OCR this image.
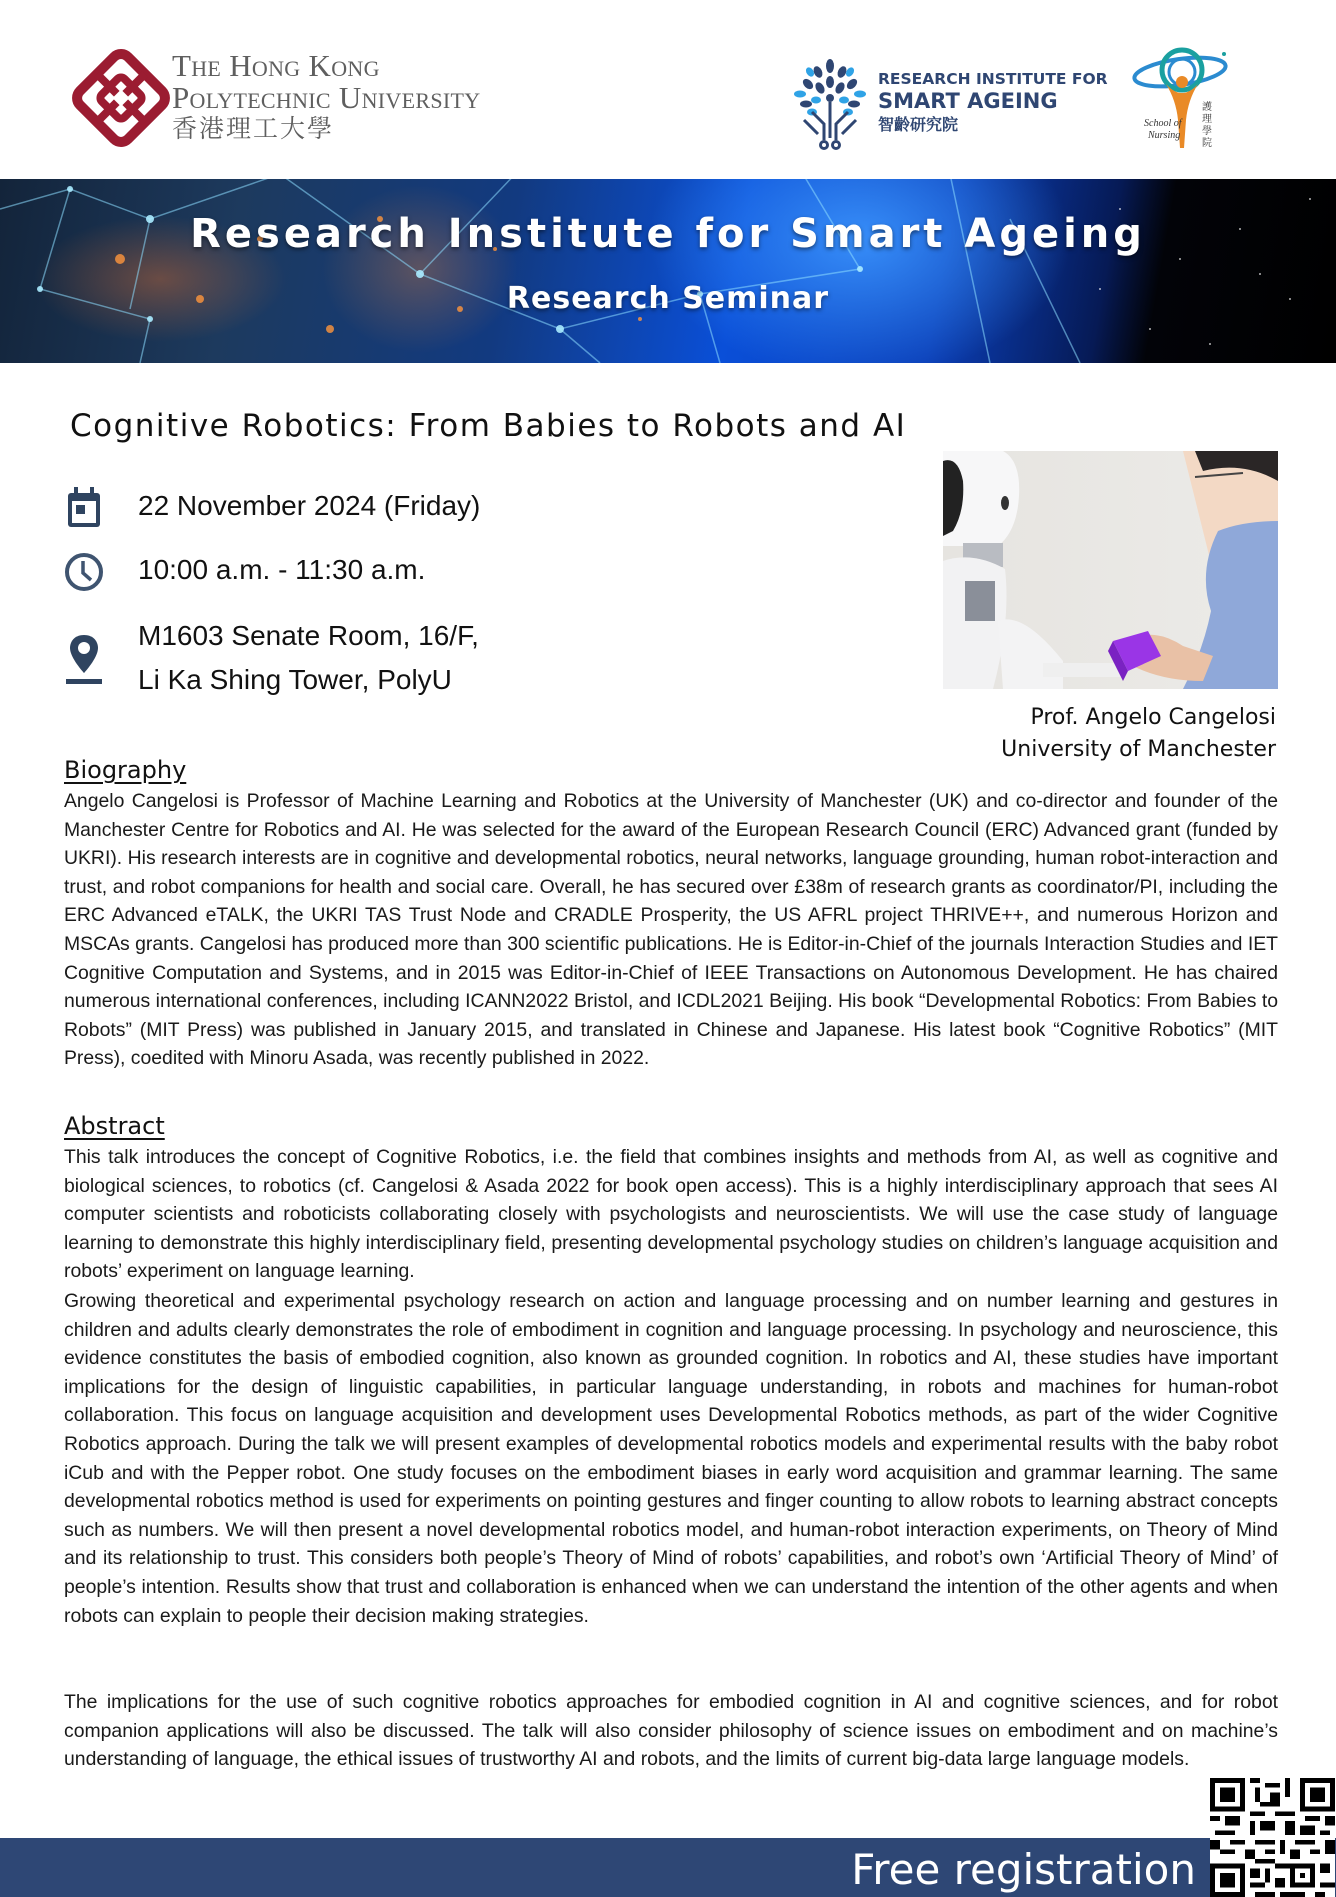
The Hong Kong
Polytechnic University
香港理工大學
RESEARCH INSTITUTE FOR
SMART AGEING
智齡研究院	School of
Nursing
護
理
學
院
Research Institute for Smart Ageing
Research Seminar
Cognitive Robotics: From Babies to Robots and AI
22 November 2024 (Friday)
10:00 a.m. - 11:30 a.m.
M1603 Senate Room, 16/F,
Li Ka Shing Tower, PolyU
Prof. Angelo Cangelosi
University of Manchester
Biography
Angelo Cangelosi is Professor of Machine Learning and Robotics at the University of Manchester (UK) and co-director and founder of the Manchester Centre for Robotics and AI. He was selected for the award of the European Research Council (ERC) Advanced grant (funded by UKRI). His research interests are in cognitive and developmental robotics, neural networks, language grounding, human robot-interaction and trust, and robot companions for health and social care. Overall, he has secured over £38m of research grants as coordinator/PI, including the ERC Advanced eTALK, the UKRI TAS Trust Node and CRADLE Prosperity, the US AFRL project THRIVE++, and numerous Horizon and MSCAs grants. Cangelosi has produced more than 300 scientific publications. He is Editor-in-Chief of the journals Interaction Studies and IET Cognitive Computation and Systems, and in 2015 was Editor-in-Chief of IEEE Transactions on Autonomous Development. He has chaired numerous international conferences, including ICANN2022 Bristol, and ICDL2021 Beijing. His book “Developmental Robotics: From Babies to Robots” (MIT Press) was published in January 2015, and translated in Chinese and Japanese. His latest book “Cognitive Robotics” (MIT Press), coedited with Minoru Asada, was recently published in 2022.
Abstract
This talk introduces the concept of Cognitive Robotics, i.e. the field that combines insights and methods from AI, as well as cognitive and biological sciences, to robotics (cf. Cangelosi & Asada 2022 for book open access). This is a highly interdisciplinary approach that sees AI computer scientists and roboticists collaborating closely with psychologists and neuroscientists. We will use the case study of language learning to demonstrate this highly interdisciplinary field, presenting developmental psychology studies on children’s language acquisition and robots’ experiment on language learning.
Growing theoretical and experimental psychology research on action and language processing and on number learning and gestures in children and adults clearly demonstrates the role of embodiment in cognition and language processing. In psychology and neuroscience, this evidence constitutes the basis of embodied cognition, also known as grounded cognition. In robotics and AI, these studies have important implications for the design of linguistic capabilities, in particular language understanding, in robots and machines for human-robot collaboration. This focus on language acquisition and development uses Developmental Robotics methods, as part of the wider Cognitive Robotics approach. During the talk we will present examples of developmental robotics models and experimental results with the baby robot iCub and with the Pepper robot. One study focuses on the embodiment biases in early word acquisition and grammar learning. The same developmental robotics method is used for experiments on pointing gestures and finger counting to allow robots to learning abstract concepts such as numbers. We will then present a novel developmental robotics model, and human-robot interaction experiments, on Theory of Mind and its relationship to trust. This considers both people’s Theory of Mind of robots’ capabilities, and robot’s own ‘Artificial Theory of Mind’ of people’s intention. Results show that trust and collaboration is enhanced when we can understand the intention of the other agents and when robots can explain to people their decision making strategies.
The implications for the use of such cognitive robotics approaches for embodied cognition in AI and cognitive sciences, and for robot companion applications will also be discussed. The talk will also consider philosophy of science issues on embodiment and on machine’s understanding of language, the ethical issues of trustworthy AI and robots, and the limits of current big-data large language models.
Free registration
